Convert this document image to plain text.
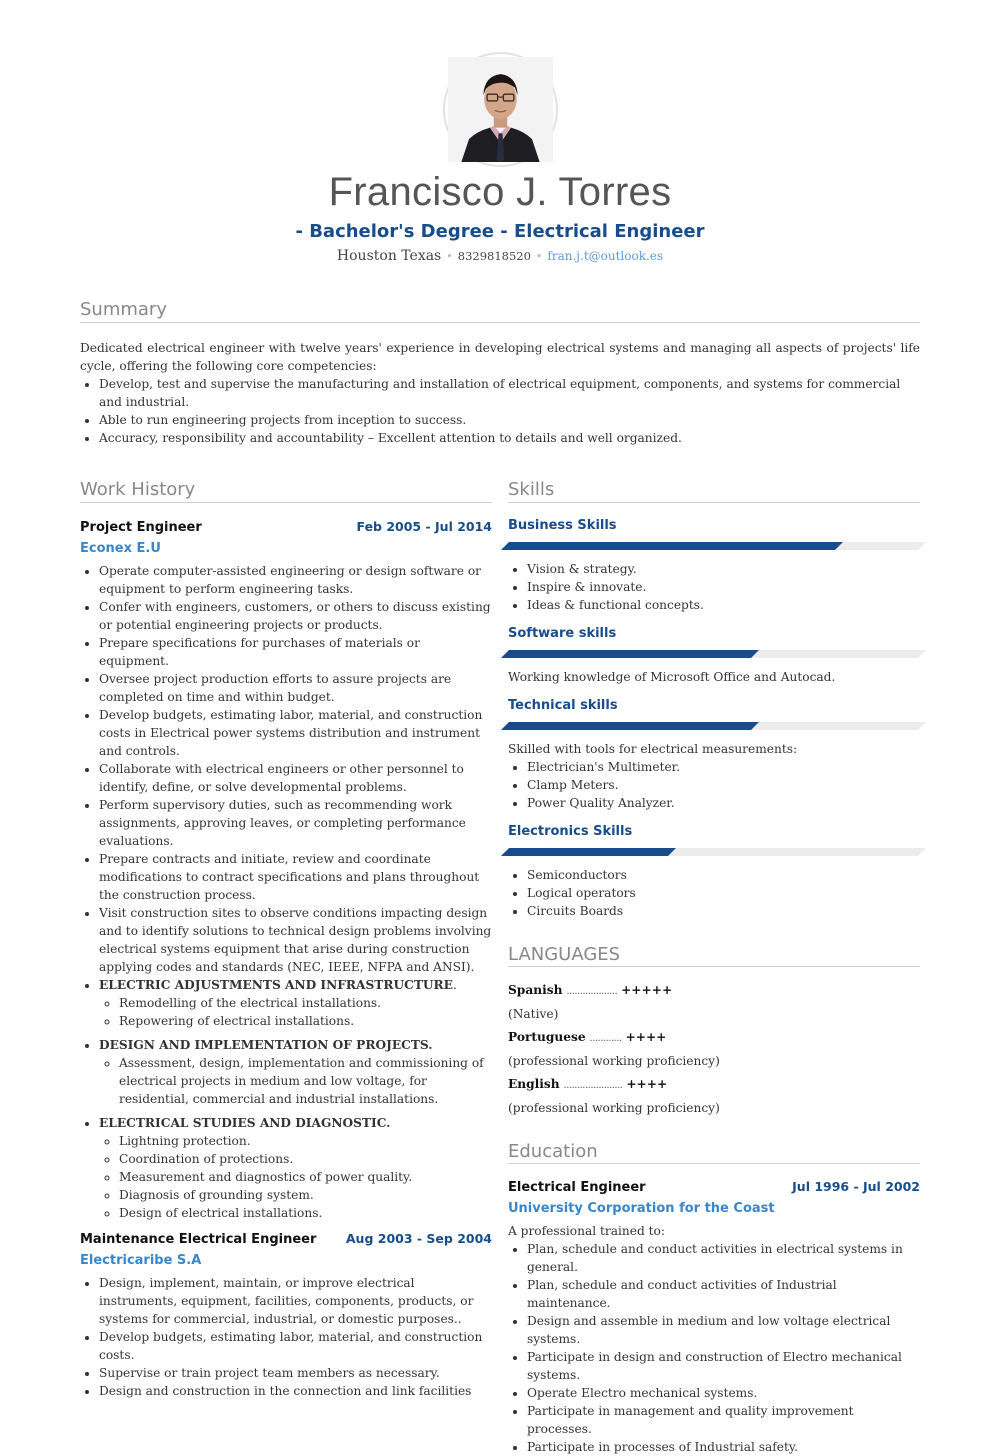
Francisco J. Torres
- Bachelor's Degree - Electrical Engineer
Houston Texas • 8329818520 • fran.j.t@outlook.es
Summary
Dedicated electrical engineer with twelve years' experience in developing electrical systems and managing all aspects of projects' life cycle, offering the following core competencies:
• Develop, test and supervise the manufacturing and installation of electrical equipment, components, and systems for commercial and industrial.
• Able to run engineering projects from inception to success.
• Accuracy, responsibility and accountability – Excellent attention to details and well organized.
Work History	Skills
Project Engineer	Feb 2005 - Jul 2014
Econex E.U
• Operate computer-assisted engineering or design software or equipment to perform engineering tasks.
• Confer with engineers, customers, or others to discuss existing or potential engineering projects or products.
• Prepare specifications for purchases of materials or equipment.
• Oversee project production efforts to assure projects are completed on time and within budget.
• Develop budgets, estimating labor, material, and construction costs in Electrical power systems distribution and instrument and controls.
• Collaborate with electrical engineers or other personnel to identify, define, or solve developmental problems.
• Perform supervisory duties, such as recommending work assignments, approving leaves, or completing performance evaluations.
• Prepare contracts and initiate, review and coordinate modifications to contract specifications and plans throughout the construction process.
• Visit construction sites to observe conditions impacting design and to identify solutions to technical design problems involving electrical systems equipment that arise during construction applying codes and standards (NEC, IEEE, NFPA and ANSI).
• ELECTRIC ADJUSTMENTS AND INFRASTRUCTURE.
◦ Remodelling of the electrical installations.
◦ Repowering of electrical installations.
• DESIGN AND IMPLEMENTATION OF PROJECTS.
◦ Assessment, design, implementation and commissioning of electrical projects in medium and low voltage, for residential, commercial and industrial installations.
• ELECTRICAL STUDIES AND DIAGNOSTIC.
◦ Lightning protection.
◦ Coordination of protections.
◦ Measurement and diagnostics of power quality.
◦ Diagnosis of grounding system.
◦ Design of electrical installations.
Maintenance Electrical Engineer Aug 2003 - Sep 2004
Electricaribe S.A
• Design, implement, maintain, or improve electrical instruments, equipment, facilities, components, products, or systems for commercial, industrial, or domestic purposes..
• Develop budgets, estimating labor, material, and construction costs.
• Supervise or train project team members as necessary.
• Design and construction in the connection and link facilities
Business Skills
• Vision & strategy.
• Inspire & innovate.
• Ideas & functional concepts.
Software skills
Working knowledge of Microsoft Office and Autocad.
Technical skills
Skilled with tools for electrical measurements:
• Electrician's Multimeter.
• Clamp Meters.
• Power Quality Analyzer.
Electronics Skills
• Semiconductors
• Logical operators
• Circuits Boards
LANGUAGES
Spanish ................... +++++
(Native)
Portuguese ............ ++++
(professional working proficiency)
English ...................... ++++
(professional working proficiency)
Education
Electrical Engineer	Jul 1996 - Jul 2002
University Corporation for the Coast
A professional trained to:
• Plan, schedule and conduct activities in electrical systems in general.
• Plan, schedule and conduct activities of Industrial maintenance.
• Design and assemble in medium and low voltage electrical systems.
• Participate in design and construction of Electro mechanical systems.
• Operate Electro mechanical systems.
• Participate in management and quality improvement processes.
• Participate in processes of Industrial safety.
